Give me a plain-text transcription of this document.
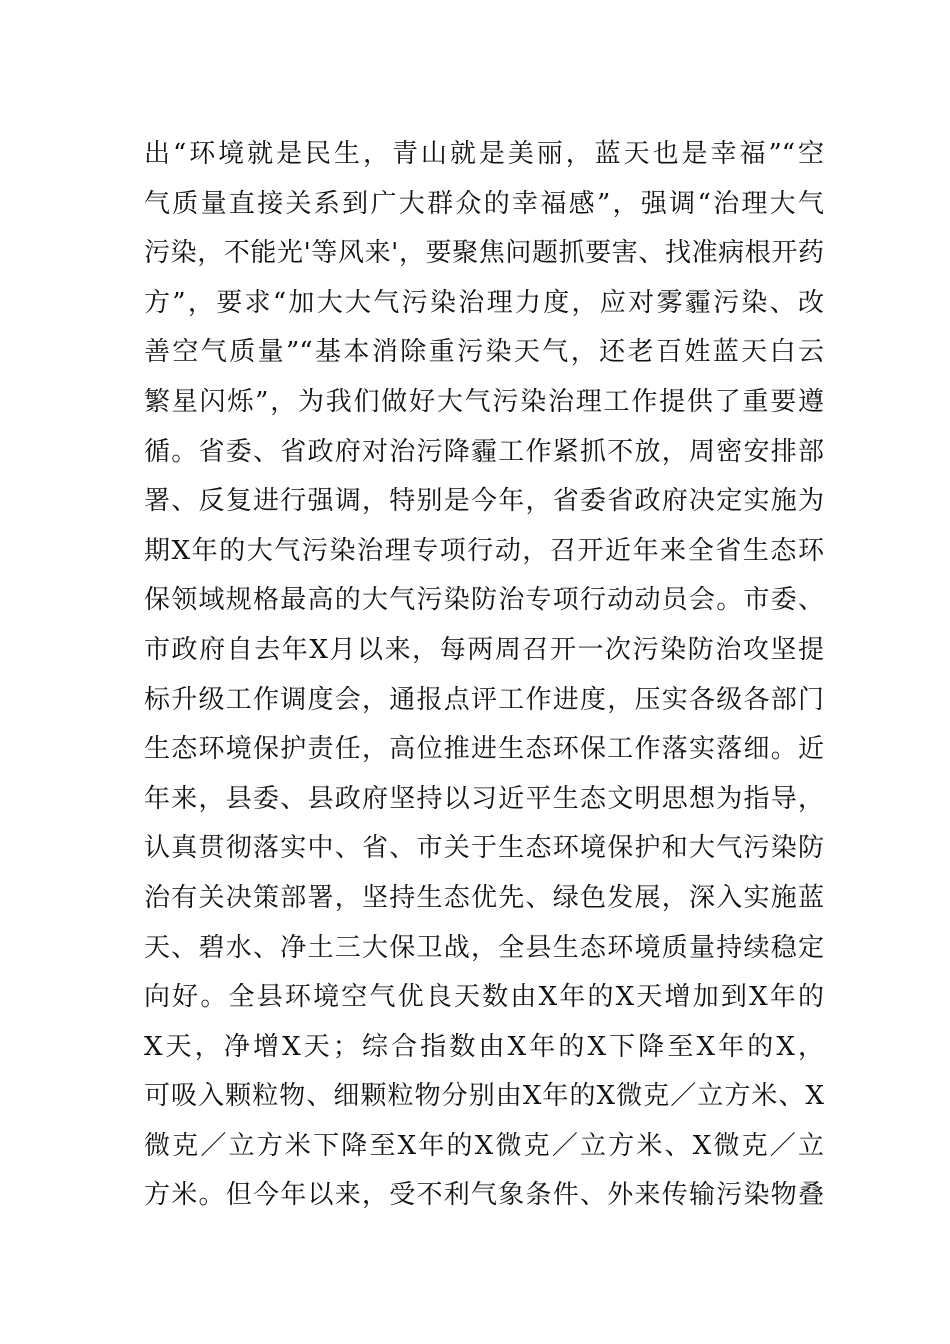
出“环境就是民生，青山就是美丽，蓝天也是幸福”“空
气质量直接关系到广大群众的幸福感”，强调“治理大气
污染，不能光'等风来'，要聚焦问题抓要害、找准病根开药
方”，要求“加大大气污染治理力度，应对雾霾污染、改
善空气质量”“基本消除重污染天气，还老百姓蓝天白云
繁星闪烁”，为我们做好大气污染治理工作提供了重要遵
循。省委、省政府对治污降霾工作紧抓不放，周密安排部
署、反复进行强调，特别是今年，省委省政府决定实施为
期X年的大气污染治理专项行动，召开近年来全省生态环
保领域规格最高的大气污染防治专项行动动员会。市委、
市政府自去年X月以来，每两周召开一次污染防治攻坚提
标升级工作调度会，通报点评工作进度，压实各级各部门
生态环境保护责任，高位推进生态环保工作落实落细。近
年来，县委、县政府坚持以习近平生态文明思想为指导，
认真贯彻落实中、省、市关于生态环境保护和大气污染防
治有关决策部署，坚持生态优先、绿色发展，深入实施蓝
天、碧水、净土三大保卫战，全县生态环境质量持续稳定
向好。全县环境空气优良天数由X年的X天增加到X年的
X天，净增X天；综合指数由X年的X下降至X年的X，
可吸入颗粒物、细颗粒物分别由X年的X微克／立方米、X
微克／立方米下降至X年的X微克／立方米、X微克／立
方米。但今年以来，受不利气象条件、外来传输污染物叠
